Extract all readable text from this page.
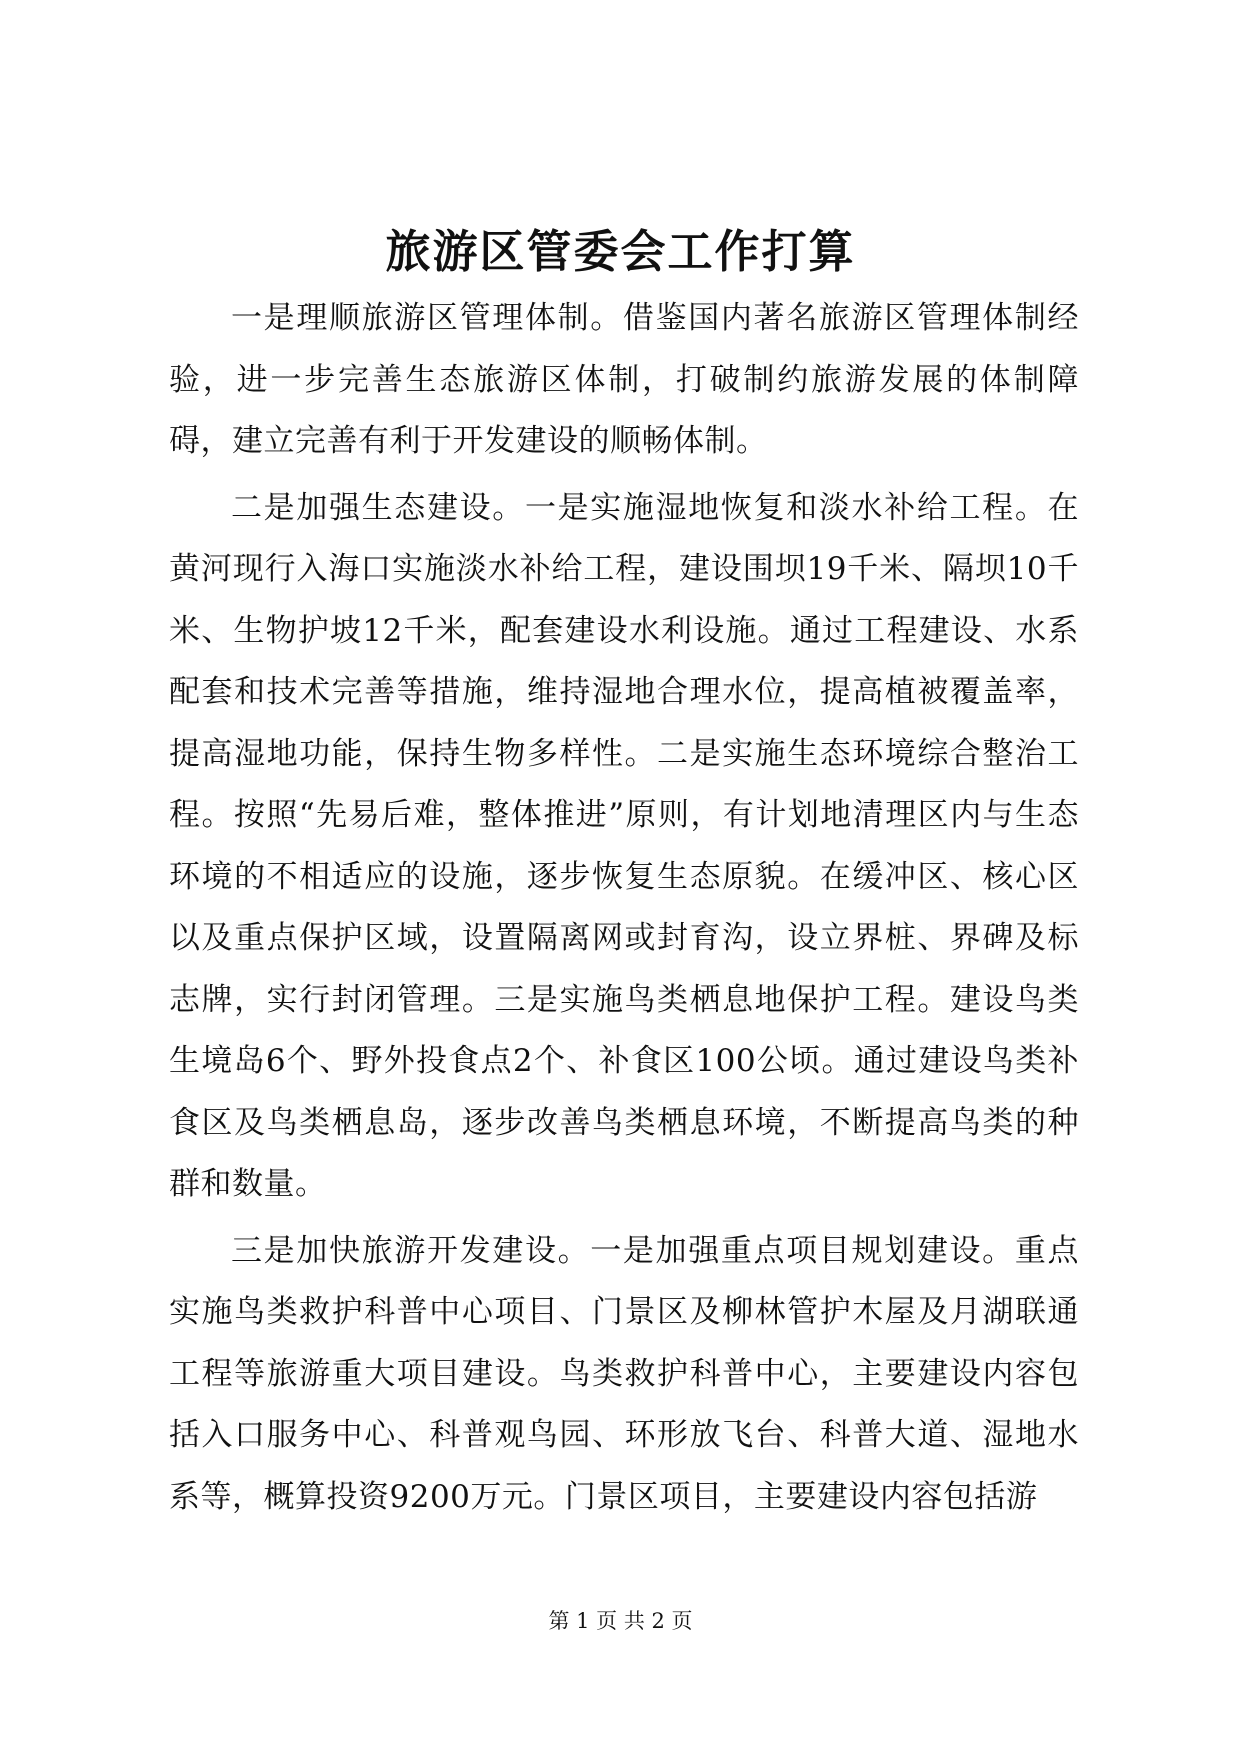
旅游区管委会工作打算

一是理顺旅游区管理体制。借鉴国内著名旅游区管理体制经验，进一步完善生态旅游区体制，打破制约旅游发展的体制障碍，建立完善有利于开发建设的顺畅体制。

二是加强生态建设。一是实施湿地恢复和淡水补给工程。在黄河现行入海口实施淡水补给工程，建设围坝19千米、隔坝10千米、生物护坡12千米，配套建设水利设施。通过工程建设、水系配套和技术完善等措施，维持湿地合理水位，提高植被覆盖率，提高湿地功能，保持生物多样性。二是实施生态环境综合整治工程。按照“先易后难，整体推进”原则，有计划地清理区内与生态环境的不相适应的设施，逐步恢复生态原貌。在缓冲区、核心区以及重点保护区域，设置隔离网或封育沟，设立界桩、界碑及标志牌，实行封闭管理。三是实施鸟类栖息地保护工程。建设鸟类生境岛6个、野外投食点2个、补食区100公顷。通过建设鸟类补食区及鸟类栖息岛，逐步改善鸟类栖息环境，不断提高鸟类的种群和数量。

三是加快旅游开发建设。一是加强重点项目规划建设。重点实施鸟类救护科普中心项目、门景区及柳林管护木屋及月湖联通工程等旅游重大项目建设。鸟类救护科普中心，主要建设内容包括入口服务中心、科普观鸟园、环形放飞台、科普大道、湿地水系等，概算投资9200万元。门景区项目，主要建设内容包括游

第 1 页 共 2 页
